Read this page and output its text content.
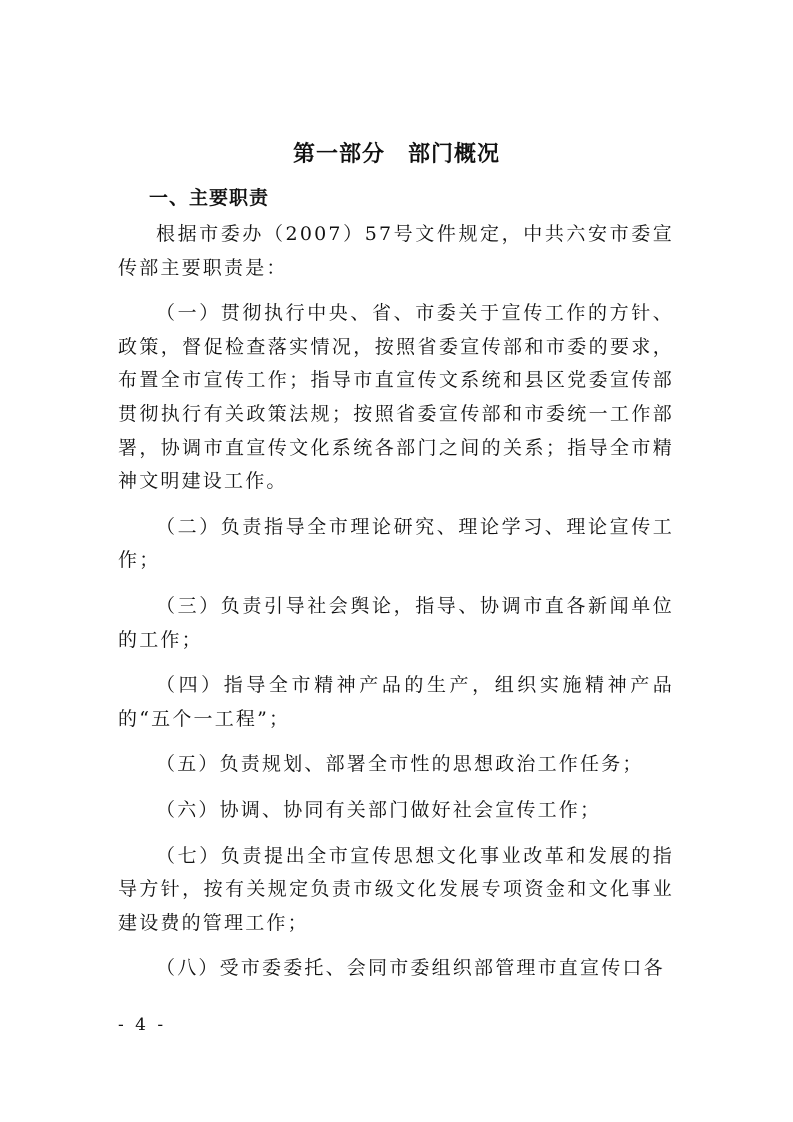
第一部分　部门概况
一、主要职责

根据市委办（2007）57号文件规定，中共六安市委宣传部主要职责是：

（一）贯彻执行中央、省、市委关于宣传工作的方针、政策，督促检查落实情况，按照省委宣传部和市委的要求，布置全市宣传工作；指导市直宣传文系统和县区党委宣传部贯彻执行有关政策法规；按照省委宣传部和市委统一工作部署，协调市直宣传文化系统各部门之间的关系；指导全市精神文明建设工作。

（二）负责指导全市理论研究、理论学习、理论宣传工作；

（三）负责引导社会舆论，指导、协调市直各新闻单位的工作；

（四）指导全市精神产品的生产，组织实施精神产品的“五个一工程”；

（五）负责规划、部署全市性的思想政治工作任务；

（六）协调、协同有关部门做好社会宣传工作；

（七）负责提出全市宣传思想文化事业改革和发展的指导方针，按有关规定负责市级文化发展专项资金和文化事业建设费的管理工作；

（八）受市委委托、会同市委组织部管理市直宣传口各

- 4 -
